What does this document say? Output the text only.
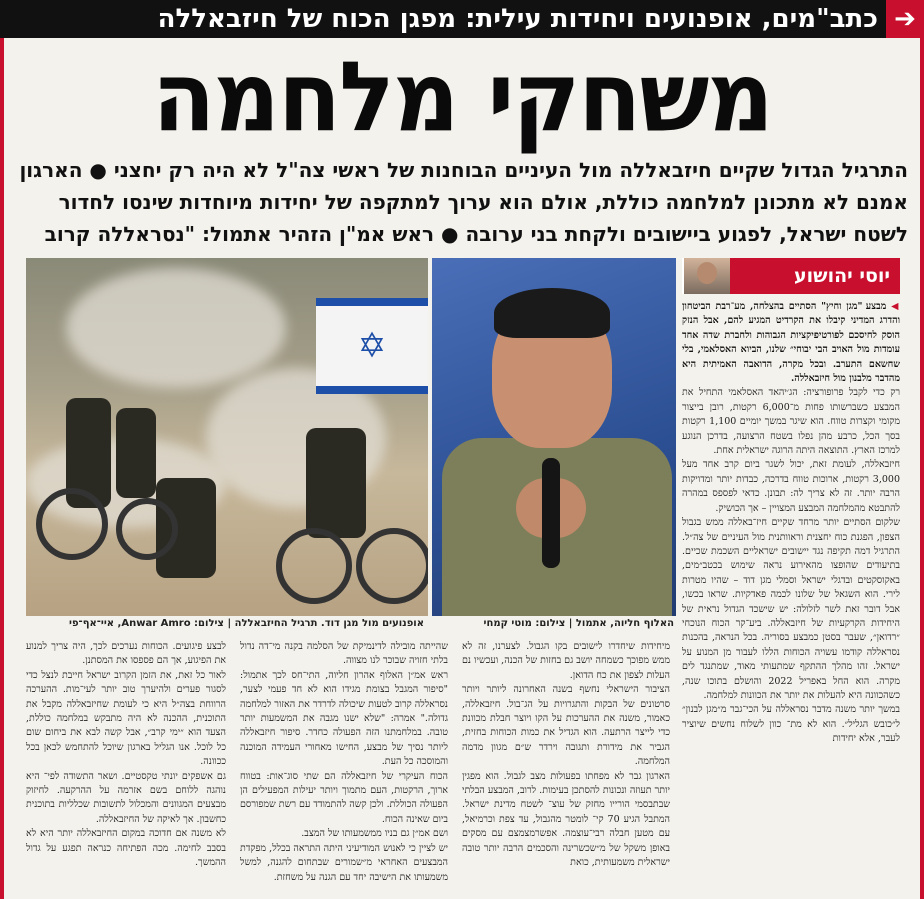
כתב"מים, אופנועים ויחידות עילית: מפגן הכוח של חיזבאללה ➔
משחקי מלחמה
התרגיל הגדול שקיים חיזבאללה מול העיניים הבוחנות של ראשי צה"ל לא היה רק יחצני ● הארגון אמנם לא מתכונן למלחמה כוללת, אולם הוא ערוך למתקפה של יחידות מיוחדות שינסו לחדור לשטח ישראל, לפגוע ביישובים ולקחת בני ערובה ● ראש אמ"ן הזהיר אתמול: "נסראללה קרוב
✡
האלוף חליוה, אתמול | צילום: מוטי קמחי
אופנועים מול מגן דוד. תרגיל החיזבאללה | צילום: Anwar Amro, איי־אף־פי
יוסי יהושוע

◀ מבצע "מגן וחיץ" הסתיים בהצלחה, מע־רבת הביטחון והדרג המדיני קיבלו את הקרדיט המגיע להם, אבל הנזק הוסק לחיסכם לפורטיפיקציות הגבוהות ולחברת שדה אחד עומדות מול האויב הבי יבוחי״ שלנו, הביוא האסלאמי, בלי שחשאם התערב. ובכל מקרה, הדואבה האמיתית היא מהדבר מלבנון מול חיזבאללה.

רק כדי לקבל פרופורציה: הג׳יהאד האסלאמי התחיל את המבצע כשברשותו פחות מ־6,000 רקטות, רובן בייצור מקומי וקצרות טווח. הוא שיגר במשך יומיים 1,100 רקטות בסך הכל, כרבע מהן נפלו בשטח הרצועה, בדרכן הנוגע למרכז הארץ. התוצאה היתה הרוגה ישראלית אחת.

חיזבאללה, לעומת זאת, יכול לשגר ביום קרב אחד מעל 3,000 רקטות, ארוכות טווח בדרכה, כבדות יותר ומדויקות הרבה יותר. זה לא צריך לה: תבונן. כדאי לפספס במהרה להתבטא מהמלחמה המבצע המצויין – אך הכושיק.

שלקום הסתיים יותר מרחד שקיים חיז־באללה ממש בגבול הצפון, הפגנת כוח יחצנית וראוותנית מול העיניים של צה״ל. התרגיל דמה תקיפה נגד יישובים ישראליים השכמת שכיים. בתיעודים שהופצו מהאירוע נראה שימוש בכטב״מים, באקוסקטים ובדגלי ישראל וסמלי מגן דוד – שהיו מטרות לירי. הוא השגאל של שלונו לכמה פאדקיות. שראו בכשו, אבל דובר זאת לשר לזלולה: יש שישכד הגדול נראית של היחידות הקרקעיות של חיזבאללה. ביע־קר הכוח הנוכחי ״רדואן״, שעבר בסטן כמבצע בסוריה. בכל הנראה, בהכנות נסראללה קודמו עשויה הכוחות הללו לעבור מן המנוע על ישראל. זהו מהלך ההתקף שמתעותי מאוד, שמתנגד לים מקרה. הוא החל באפריל 2022 והושלם בתוכו שנה, כשהכוונה היא להעלות את יותר את הכוונות למלחמה.

במשך יותר משנה מדבר נסראללה על הכי־גבר מ״מגן לבנון״ ל״כובש הגליל״. הוא לא מת־ כוון לשלוח נחשים שיוציר לעבר, אלא יחידות

מיחידות שיחדרו לישובים בקו הגבול. לצערנו, זה לא ממש מפוכך כשמחה יושב גם בחזות של הכנה, ועכשיו נם העלות לצפון את כח הדואן.

הציבור הישראלי נחשף בשנה האחרונה ליותר ויותר סרטונים של הבקות והתגרויות על הג־בול. חיזבאללה, כאמור, משנה את ההערכות על הקו ויוצר חבלת מכוונת כדי לייצר הרתעה. הוא הגדיל את כמות הכוחות בחזית, הגביר את מידורת ותגובה וירדר ש״ם מגוון מדמה המלחמה.

הארגון גבר לא מפחתו בפעולות מצב לגבול. הוא מפגין יותר תעוזה ונכונות להסתכן בעימות. לרוב, המבצע הבלתי שבתבסמי הורייו מחזק של עוצ־ לשטח מדינת ישראל. המתבל הגיע 70 קי־ לומטר מהגבול, עד צפת וכרמיאל, עם מטען חבלה רבי־עוצמה. אפשרמצמצם עם מסקים באופן משקל של מ״שכשרינה והסכמים הרבה יותר טובה ישראלית משמעותית, כואת

שהייתה מובילה לדינמיקת של הסלמה בקנה מי־דה נדול בלתי חזויה שבוכר לנו מצווה.

ראש אמ״ן האלוף אהרון חליוה, התי־חס לכך אתמול: "סיפור המגבל בצומת מגידו הוא לא חד פעמי לצער, נסראללה קרוב לטעות שיכולה לדרדר את האזור למלחמה גדולה." אמרה: "שלא ישנו מגבה את המשמעות יותר טובה. במלחמתנו הזה הפעולה כחדר. סיפור חיזבאללה ליותר נסיך של מבצע, החישו מאחורי העמידה המוכנה והמוסכה כל העת.

הכוח העיקרי של חיזבאללה הם שתי סוג־אות: בטווח ארוך, הרקטות, העם מתמוך ויותר יעילות המפעילים הן הפעולה הכוללת. ולכן קשה להתמודד עם רשת שמפורסם ביום שאינה הכוח.

ושם אמ״ן גם בניו ממשמעותו של המצב.

יש לציין כי לאנוש המודיעיני היתה התראה בכלל, מפקדת המבצעים האחראי מ״שמורים שבתחום להגנה, למשל משמעותו את הישיבה יחד עם הגנה על משחזת.

לבצע פיגועים. הכוחות נערכים לכך, היה צריך למנוע את הפיגוע, אך הם פספסו את המסתנן.

לאור כל זאת, את הזמן הקרוב ישראל חייבת לנצל כדי לסגור פערים ולהיערך טוב יותר לעי־מות. ההערכה הרווחת בצה״ל היא כי לעומת שחיזבאללה מקבל את התוכנית, ההכנה לא היה מתבקש במלחמה כוללת, הצעד הוא ״ימי קרב״, אבל קשה לבא את ביחום שום כל לוכל. אנו הגליל בארגון שיוכל להתחמש לכאן בכל ככוונה.

גם אשפקים יונתי טקסטיים. ושאר התשודה לפי־ היא נוהגה ללוחם בשם אזרמה על ההרקעה. לחיזוק מבצעים המגוונים והמכלול לתשובות שכלליות בתוכנית כחשבון. אך לאיקה של החיזבאללה.

לא משנה אם חדוכה במקום החיזבאללה יותר היא לא בסבב לחימה. מכה הפתיחה כנראה תפגע על גדול ההמשך.
